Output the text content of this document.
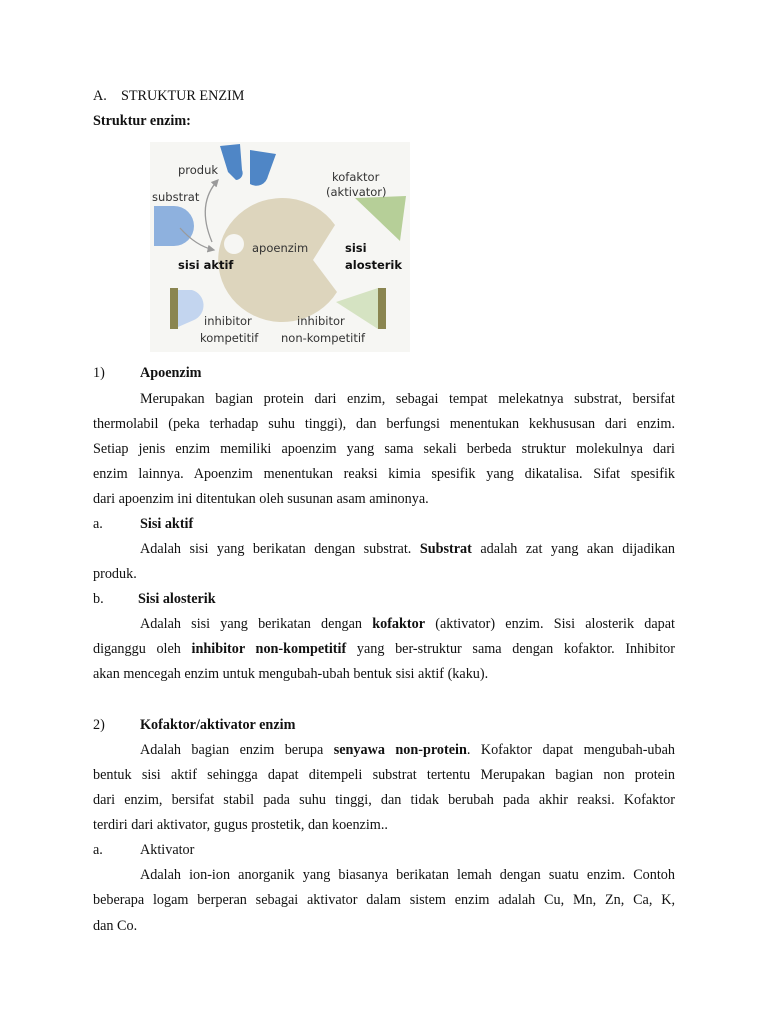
A. STRUKTUR ENZIM
Struktur enzim:
produk
substrat
kofaktor
(aktivator)
apoenzim
sisi aktif
sisi
alosterik
inhibitor
kompetitif
inhibitor
non-kompetitif
1) Apoenzim
Merupakan bagian protein dari enzim, sebagai tempat melekatnya substrat, bersifat
thermolabil (peka terhadap suhu tinggi), dan berfungsi menentukan kekhususan dari enzim.
Setiap jenis enzim memiliki apoenzim yang sama sekali berbeda struktur molekulnya dari
enzim lainnya. Apoenzim menentukan reaksi kimia spesifik yang dikatalisa. Sifat spesifik
dari apoenzim ini ditentukan oleh susunan asam aminonya.
a.	Sisi aktif
Adalah sisi yang berikatan dengan substrat. Substrat adalah zat yang akan dijadikan
produk.
b. Sisi alosterik
Adalah sisi yang berikatan dengan kofaktor (aktivator) enzim. Sisi alosterik dapat
diganggu oleh inhibitor non-kompetitif yang ber-struktur sama dengan kofaktor. Inhibitor
akan mencegah enzim untuk mengubah-ubah bentuk sisi aktif (kaku).
2) Kofaktor/aktivator enzim
Adalah bagian enzim berupa senyawa non-protein. Kofaktor dapat mengubah-ubah
bentuk sisi aktif sehingga dapat ditempeli substrat tertentu Merupakan bagian non protein
dari enzim, bersifat stabil pada suhu tinggi, dan tidak berubah pada akhir reaksi. Kofaktor
terdiri dari aktivator, gugus prostetik, dan koenzim..
a.	Aktivator
Adalah ion-ion anorganik yang biasanya berikatan lemah dengan suatu enzim. Contoh
beberapa logam berperan sebagai aktivator dalam sistem enzim adalah Cu, Mn, Zn, Ca, K,
dan Co.
